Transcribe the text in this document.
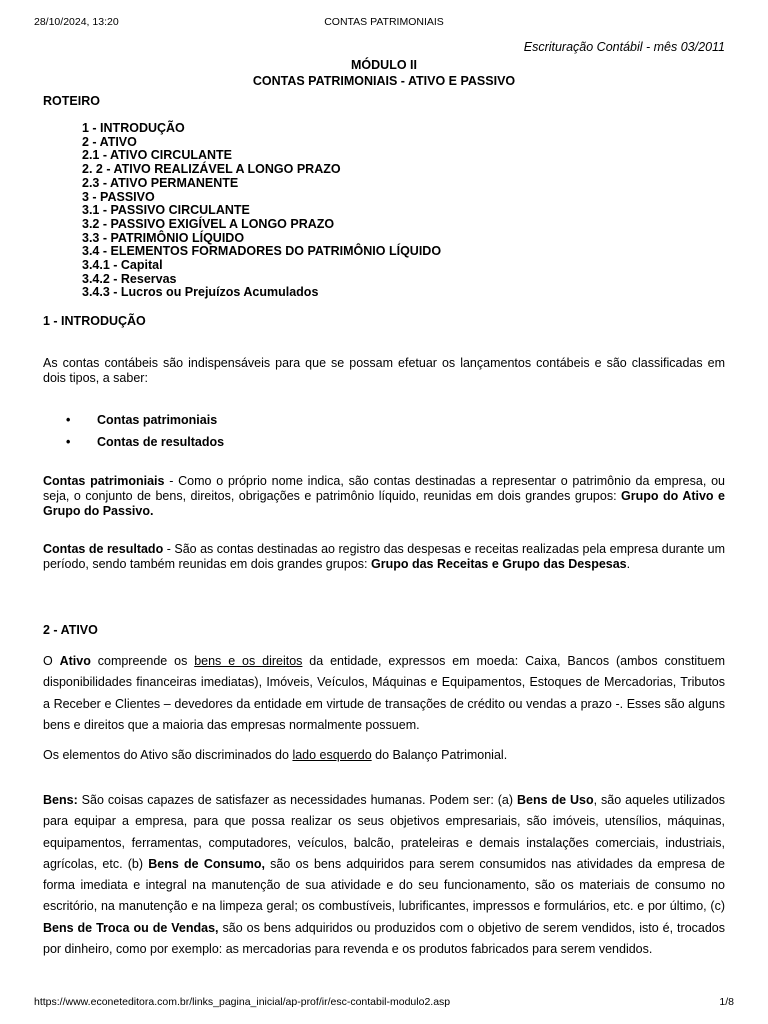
28/10/2024, 13:20	CONTAS PATRIMONIAIS
Escrituração Contábil - mês 03/2011
MÓDULO II
CONTAS PATRIMONIAIS - ATIVO E PASSIVO
ROTEIRO
1 - INTRODUÇÃO
2 - ATIVO
2.1 - ATIVO CIRCULANTE
2. 2 - ATIVO REALIZÁVEL A LONGO PRAZO
2.3 - ATIVO PERMANENTE
3 - PASSIVO
3.1 - PASSIVO CIRCULANTE
3.2 - PASSIVO EXIGÍVEL A LONGO PRAZO
3.3 - PATRIMÔNIO LÍQUIDO
3.4 - ELEMENTOS FORMADORES DO PATRIMÔNIO LÍQUIDO
3.4.1 - Capital
3.4.2 - Reservas
3.4.3 - Lucros ou Prejuízos Acumulados
1 - INTRODUÇÃO
As contas contábeis são indispensáveis para que se possam efetuar os lançamentos contábeis e são classificadas em dois tipos, a saber:
• Contas patrimoniais
• Contas de resultados
Contas patrimoniais - Como o próprio nome indica, são contas destinadas a representar o patrimônio da empresa, ou seja, o conjunto de bens, direitos, obrigações e patrimônio líquido, reunidas em dois grandes grupos: Grupo do Ativo e Grupo do Passivo.
Contas de resultado - São as contas destinadas ao registro das despesas e receitas realizadas pela empresa durante um período, sendo também reunidas em dois grandes grupos: Grupo das Receitas e Grupo das Despesas.
2 - ATIVO
O Ativo compreende os bens e os direitos da entidade, expressos em moeda: Caixa, Bancos (ambos constituem disponibilidades financeiras imediatas), Imóveis, Veículos, Máquinas e Equipamentos, Estoques de Mercadorias, Tributos a Receber e Clientes – devedores da entidade em virtude de transações de crédito ou vendas a prazo -. Esses são alguns bens e direitos que a maioria das empresas normalmente possuem.
Os elementos do Ativo são discriminados do lado esquerdo do Balanço Patrimonial.
Bens: São coisas capazes de satisfazer as necessidades humanas. Podem ser: (a) Bens de Uso, são aqueles utilizados para equipar a empresa, para que possa realizar os seus objetivos empresariais, são imóveis, utensílios, máquinas, equipamentos, ferramentas, computadores, veículos, balcão, prateleiras e demais instalações comerciais, industriais, agrícolas, etc. (b) Bens de Consumo, são os bens adquiridos para serem consumidos nas atividades da empresa de forma imediata e integral na manutenção de sua atividade e do seu funcionamento, são os materiais de consumo no escritório, na manutenção e na limpeza geral; os combustíveis, lubrificantes, impressos e formulários, etc. e por último, (c) Bens de Troca ou de Vendas, são os bens adquiridos ou produzidos com o objetivo de serem vendidos, isto é, trocados por dinheiro, como por exemplo: as mercadorias para revenda e os produtos fabricados para serem vendidos.
https://www.econeteditora.com.br/links_pagina_inicial/ap-prof/ir/esc-contabil-modulo2.asp	1/8
